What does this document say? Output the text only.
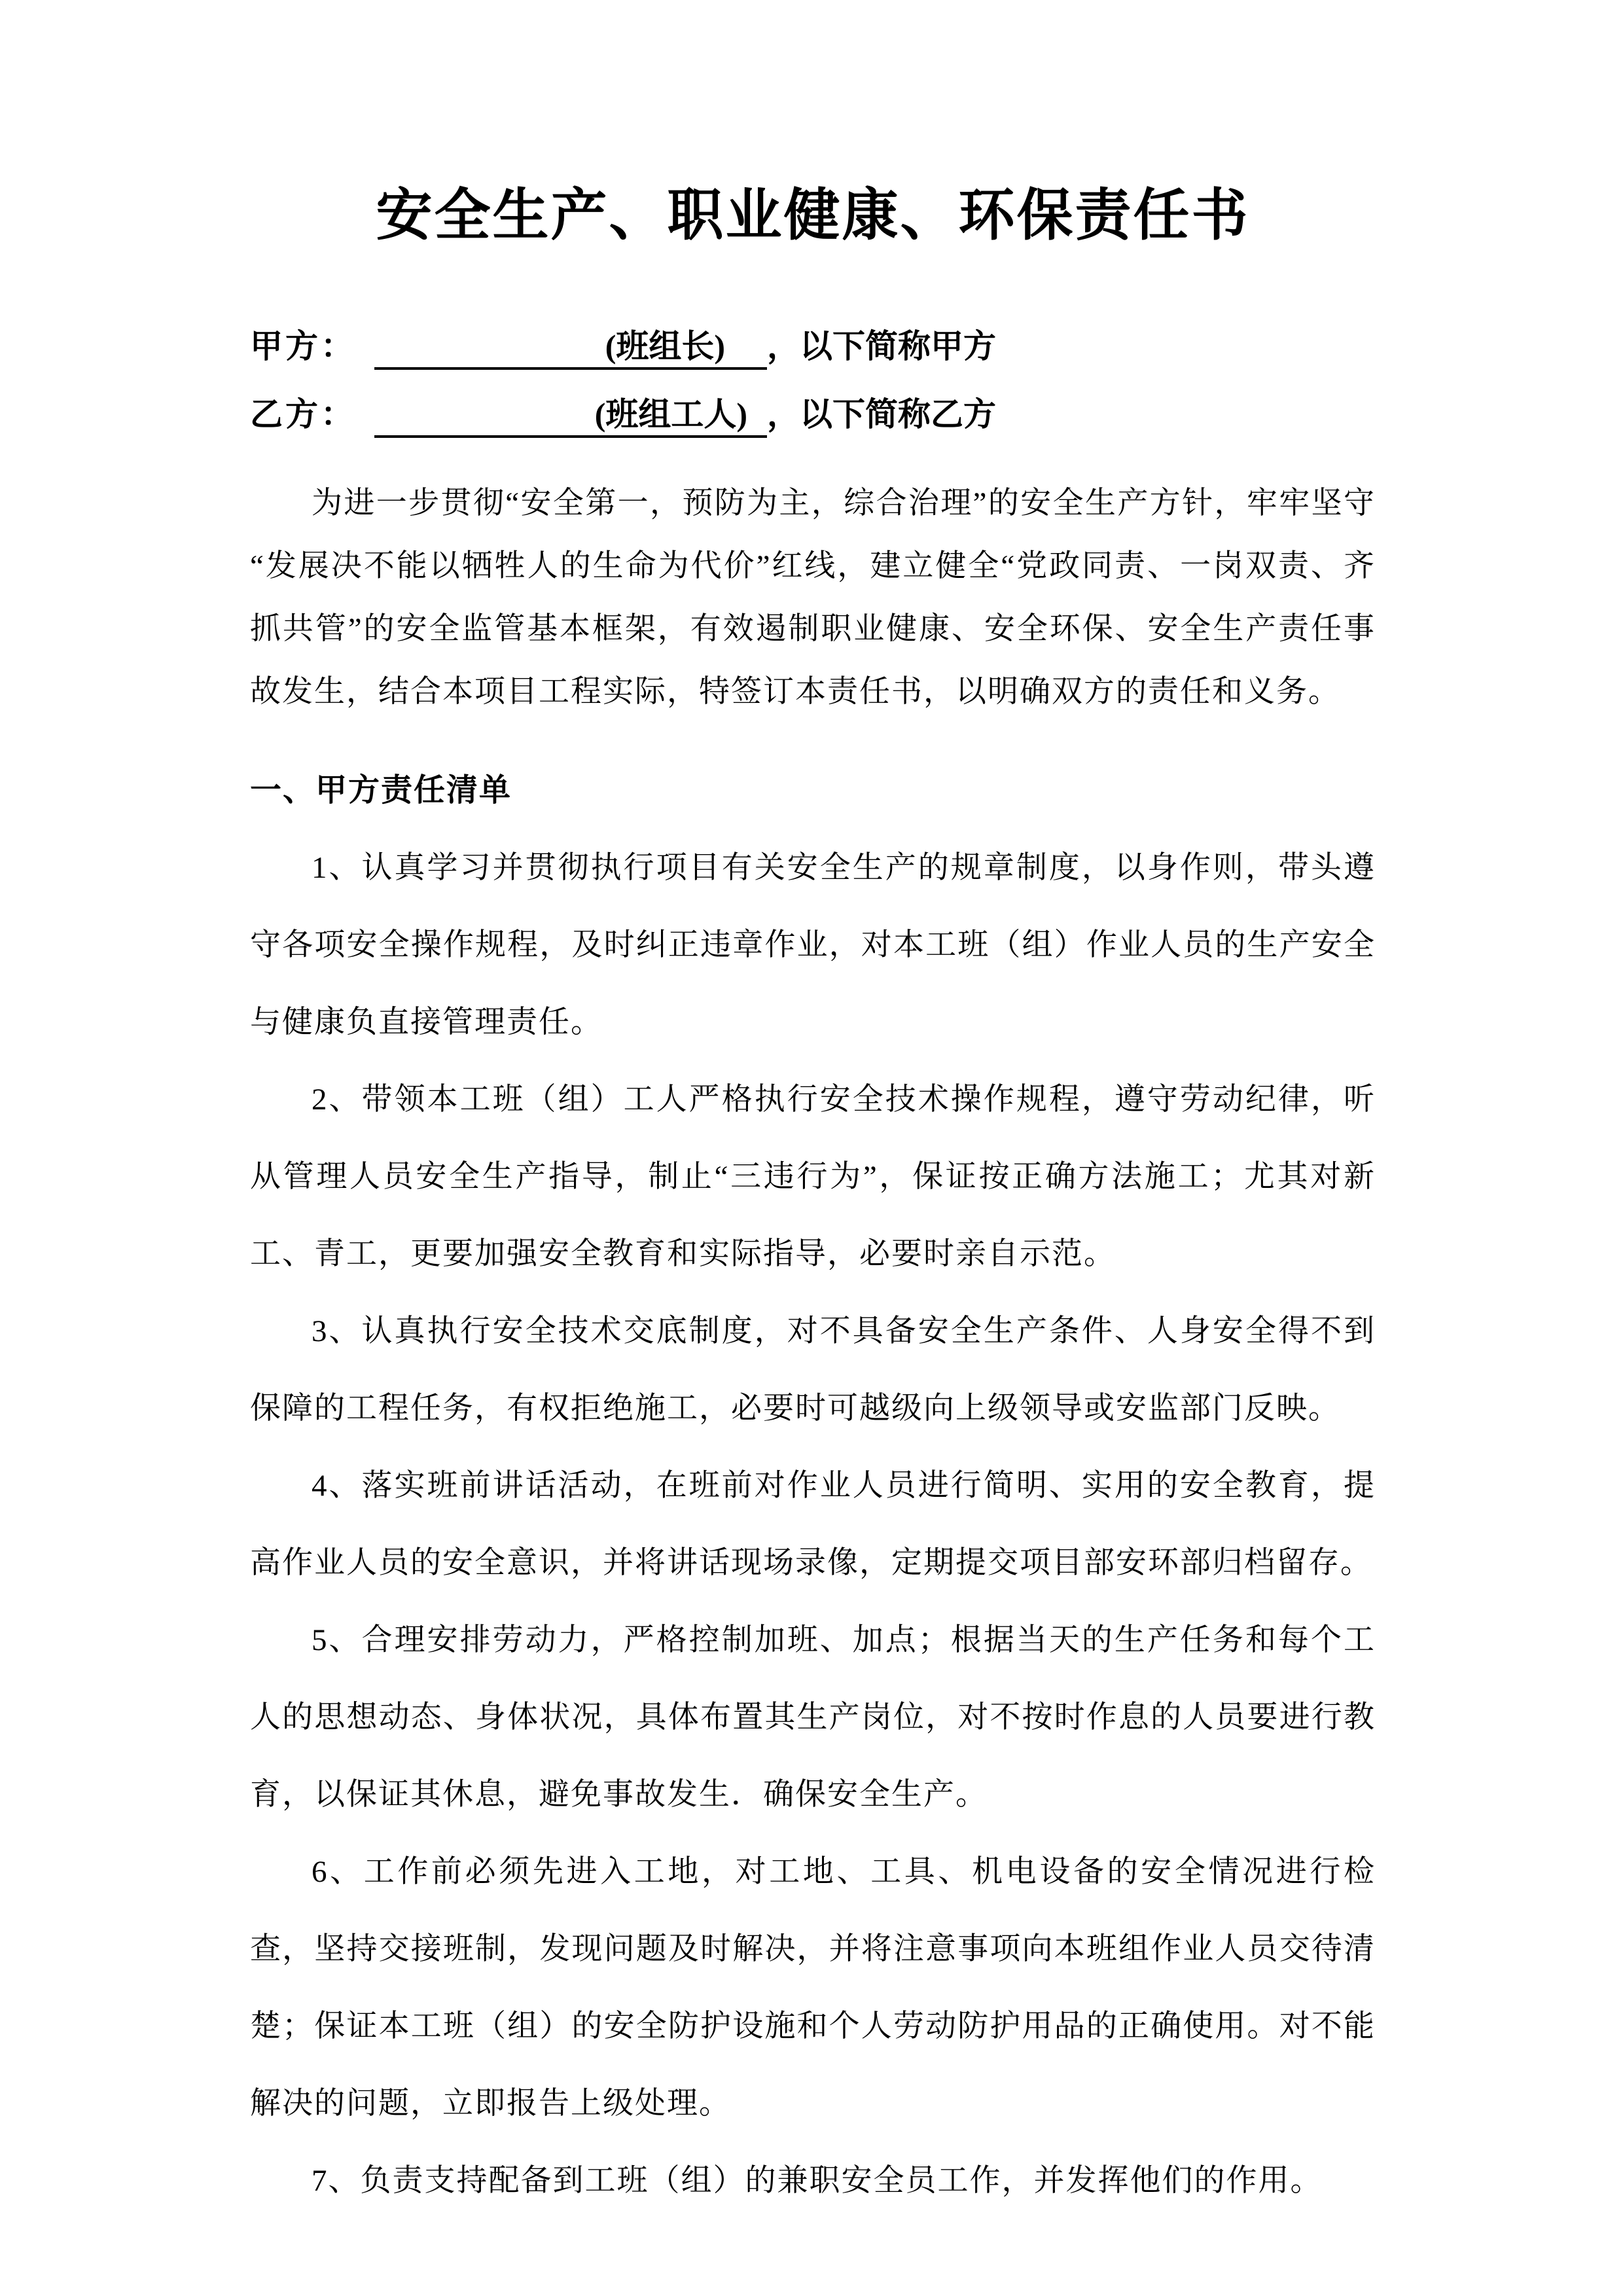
安全生产、职业健康、环保责任书
甲方：	(班组长) ，以下简称甲方
乙方：	(班组工人) ，以下简称乙方

为进一步贯彻“安全第一，预防为主，综合治理”的安全生产方针，牢牢坚守“发展决不能以牺牲人的生命为代价”红线，建立健全“党政同责、一岗双责、齐抓共管”的安全监管基本框架，有效遏制职业健康、安全环保、安全生产责任事故发生，结合本项目工程实际，特签订本责任书，以明确双方的责任和义务。

一、甲方责任清单

1、认真学习并贯彻执行项目有关安全生产的规章制度，以身作则，带头遵守各项安全操作规程，及时纠正违章作业，对本工班（组）作业人员的生产安全与健康负直接管理责任。

2、带领本工班（组）工人严格执行安全技术操作规程，遵守劳动纪律，听从管理人员安全生产指导，制止“三违行为”，保证按正确方法施工；尤其对新工、青工，更要加强安全教育和实际指导，必要时亲自示范。

3、认真执行安全技术交底制度，对不具备安全生产条件、人身安全得不到保障的工程任务，有权拒绝施工，必要时可越级向上级领导或安监部门反映。

4、落实班前讲话活动，在班前对作业人员进行简明、实用的安全教育，提高作业人员的安全意识，并将讲话现场录像，定期提交项目部安环部归档留存。

5、合理安排劳动力，严格控制加班、加点；根据当天的生产任务和每个工人的思想动态、身体状况，具体布置其生产岗位，对不按时作息的人员要进行教育，以保证其休息，避免事故发生．确保安全生产。

6、工作前必须先进入工地，对工地、工具、机电设备的安全情况进行检查，坚持交接班制，发现问题及时解决，并将注意事项向本班组作业人员交待清楚；保证本工班（组）的安全防护设施和个人劳动防护用品的正确使用。对不能解决的问题，立即报告上级处理。

7、负责支持配备到工班（组）的兼职安全员工作，并发挥他们的作用。
